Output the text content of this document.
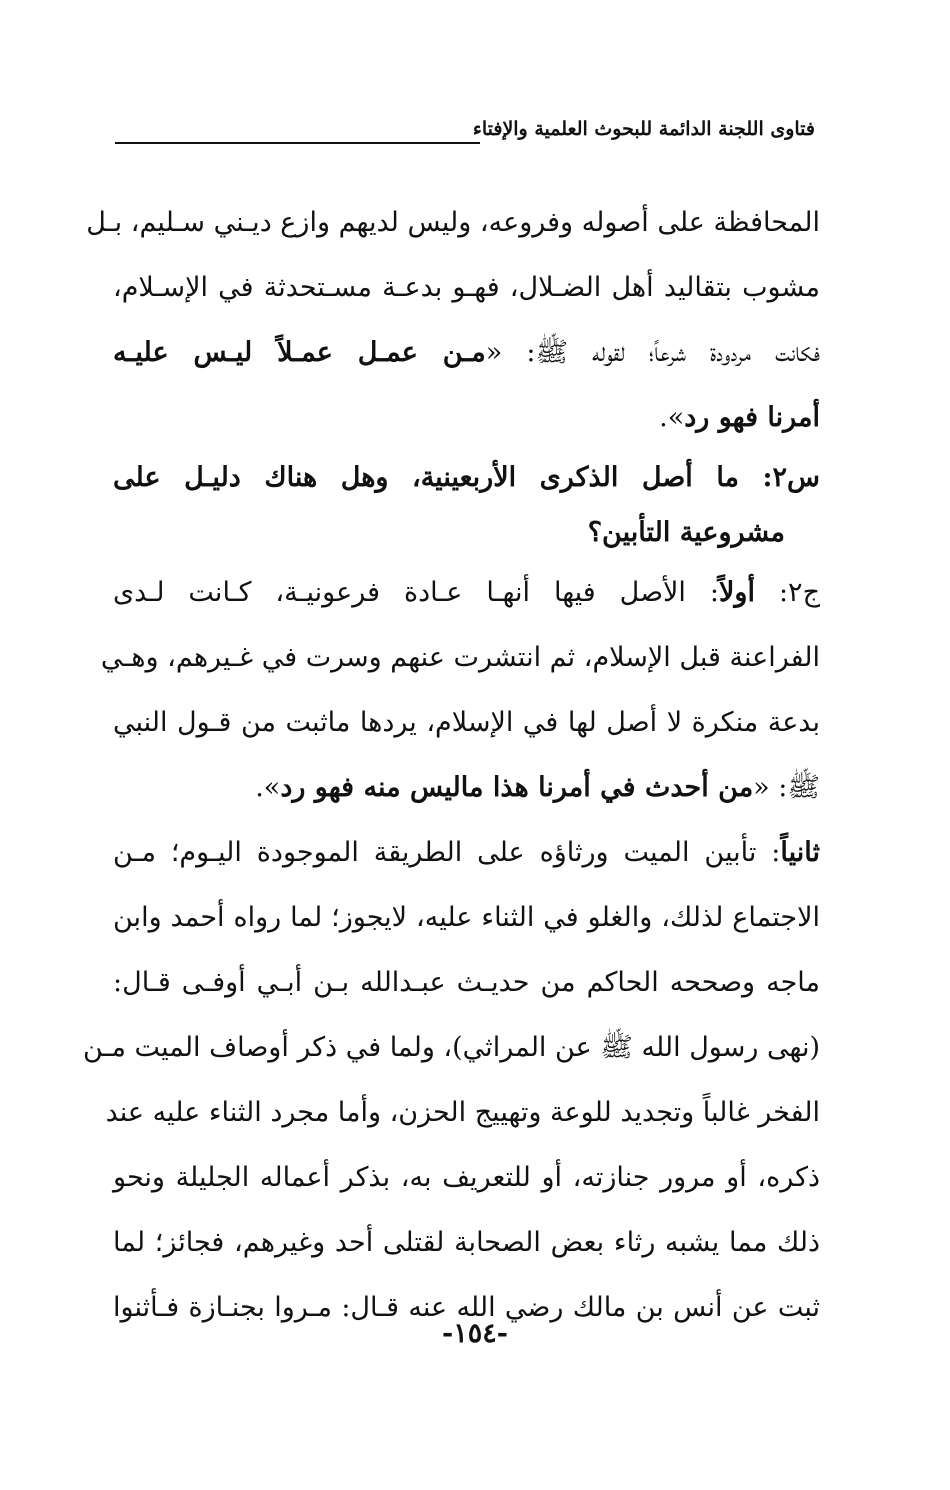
فتاوى اللجنة الدائمة للبحوث العلمية والإفتاء
المحافظة على أصوله وفروعه، وليس لديهم وازع ديـني سـليم، بـل
مشوب بتقاليد أهل الضـلال، فهـو بدعـة مسـتحدثة في الإسـلام،
فكانت مردودة شرعاً؛ لقوله ﷺ: «مـن عمـل عمـلاً ليـس عليـه
أمرنا فهو رد».
س٢: ما أصل الذكرى الأربعينية، وهل هناك دليـل على
مشروعية التأبين؟
ج٢: أولاً: الأصل فيها أنهـا عـادة فرعونيـة، كـانت لـدى
الفراعنة قبل الإسلام، ثم انتشرت عنهم وسرت في غـيرهم، وهـي
بدعة منكرة لا أصل لها في الإسلام، يردها ماثبت من قـول النبي
ﷺ: «من أحدث في أمرنا هذا ماليس منه فهو رد».
ثانياً: تأبين الميت ورثاؤه على الطريقة الموجودة اليـوم؛ مـن
الاجتماع لذلك، والغلو في الثناء عليه، لايجوز؛ لما رواه أحمد وابن
ماجه وصححه الحاكم من حديـث عبـدالله بـن أبـي أوفـى قـال:
(نهى رسول الله ﷺ عن المراثي)، ولما في ذكر أوصاف الميت مـن
الفخر غالباً وتجديد للوعة وتهييج الحزن، وأما مجرد الثناء عليه عند
ذكره، أو مرور جنازته، أو للتعريف به، بذكر أعماله الجليلة ونحو
ذلك مما يشبه رثاء بعض الصحابة لقتلى أحد وغيرهم، فجائز؛ لما
ثبت عن أنس بن مالك رضي الله عنه قـال: مـروا بجنـازة فـأثنوا
-١٥٤-
